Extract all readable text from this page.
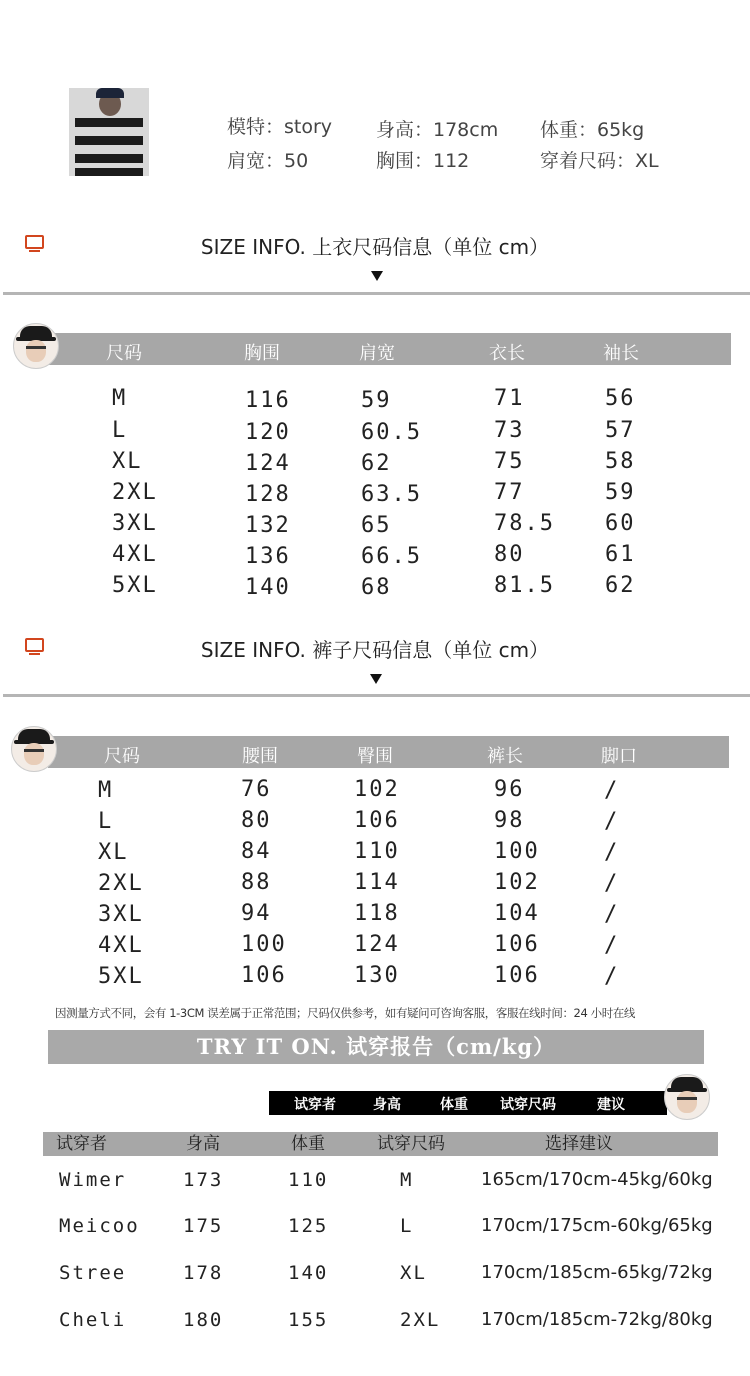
模特：story 身高：178cm 体重：65kg
肩宽：50	胸围：112	穿着尺码：XL
SIZE INFO. 上衣尺码信息（单位 cm）
尺码	胸围	肩宽	衣长	袖长
M	116	59	71	56
L	120	60.5	73	57
XL	124	62	75	58
2XL	128	63.5	77	59
3XL	132	65	78.5 60
4XL	136	66.5	80	61
5XL	140	68	81.5 62
SIZE INFO. 裤子尺码信息（单位 cm）
尺码	腰围	臀围	裤长	脚口
M	76	102	96	/
L	80	106	98	/
XL	84	110	100	/
2XL	88	114	102	/
3XL	94	118	104	/
4XL	100	124	106	/
5XL	106	130	106	/
因测量方式不同，会有 1-3CM 误差属于正常范围；尺码仅供参考，如有疑问可咨询客服，客服在线时间：24 小时在线
TRY IT ON. 试穿报告（cm/kg）
试穿者	身高	体重 试穿尺码	建议
试穿者	身高	体重	试穿尺码	选择建议
Wimer	173	110	M	165cm/170cm-45kg/60kg
Meicoo 175	125	L	170cm/175cm-60kg/65kg
Stree	178	140	XL	170cm/185cm-65kg/72kg
Cheli	180	155	2XL 170cm/185cm-72kg/80kg
